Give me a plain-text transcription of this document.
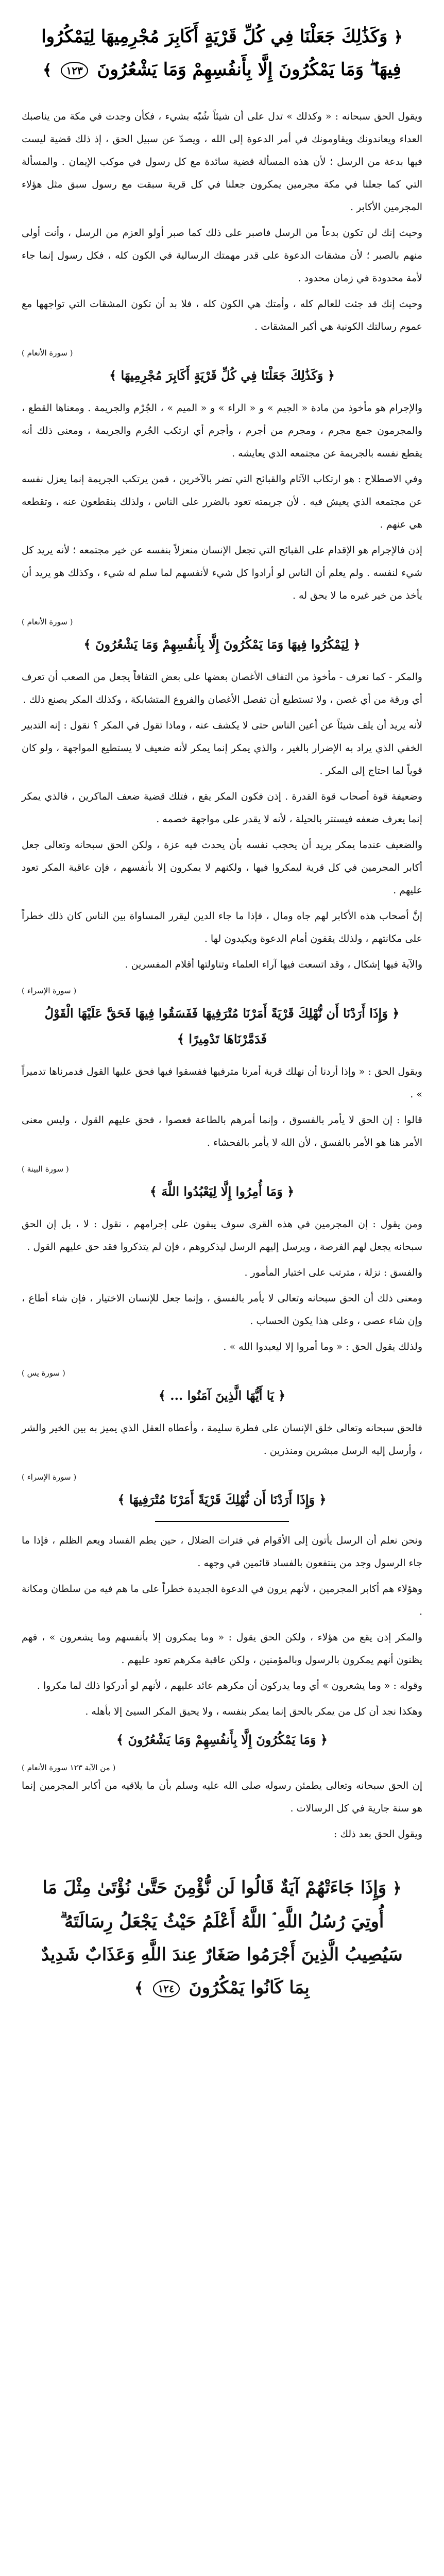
﴿ وَكَذَٰلِكَ جَعَلْنَا فِي كُلِّ قَرْيَةٍ أَكَابِرَ مُجْرِمِيهَا لِيَمْكُرُوا فِيهَا ۖ وَمَا يَمْكُرُونَ إِلَّا بِأَنفُسِهِمْ وَمَا يَشْعُرُونَ ١٢٣ ﴾

ويقول الحق سبحانه : « وكذلك » تدل على أن شيئاً شُبّه بشيء ، فكأن وجدت في مكة من يناصبك العداء ويعاندونك ويقاومونك في أمر الدعوة إلى الله ، ويصدّ عن سبيل الحق ، إذ ذلك قضية ليست فيها بدعة من الرسل ؛ لأن هذه المسألة قضية سائدة مع كل رسول في موكب الإيمان . والمسألة التي كما جعلنا في مكة مجرمين يمكرون جعلنا في كل قرية سبقت مع رسول سبق مثل هؤلاء المجرمين الأكابر .

وحيث إنك لن تكون بدعاً من الرسل فاصبر على ذلك كما صبر أولو العزم من الرسل ، وأنت أولى منهم بالصبر ؛ لأن مشقات الدعوة على قدر مهمتك الرسالية في الكون كله ، فكل رسول إنما جاء لأمة محدودة في زمان محدود .

وحيث إنك قد جئت للعالم كله ، وأمتك هي الكون كله ، فلا بد أن تكون المشقات التي تواجهها مع عموم رسالتك الكونية هي أكبر المشقات .

( سورة الأنعام )
﴿ وَكَذَٰلِكَ جَعَلْنَا فِي كُلِّ قَرْيَةٍ أَكَابِرَ مُجْرِمِيهَا ﴾

والإجرام هو مأخوذ من مادة « الجيم » و « الراء » و « الميم » ، الجُرْم والجريمة . ومعناها القطع ، والمجرمون جمع مجرم ، ومجرم من أجرم ، وأجرم أي ارتكب الجُرم والجريمة ، ومعنى ذلك أنه يقطع نفسه بالجريمة عن مجتمعه الذي يعايشه .

وفي الاصطلاح : هو ارتكاب الآثام والقبائح التي تضر بالآخرين ، فمن يرتكب الجريمة إنما يعزل نفسه عن مجتمعه الذي يعيش فيه . لأن جريمته تعود بالضرر على الناس ، ولذلك ينقطعون عنه ، وتقطعه هي عنهم .

إذن فالإجرام هو الإقدام على القبائح التي تجعل الإنسان منعزلاً بنفسه عن خير مجتمعه ؛ لأنه يريد كل شيء لنفسه . ولم يعلم أن الناس لو أرادوا كل شيء لأنفسهم لما سلم له شيء ، وكذلك هو يريد أن يأخذ من خير غيره ما لا يحق له .

( سورة الأنعام )
﴿ لِيَمْكُرُوا فِيهَا وَمَا يَمْكُرُونَ إِلَّا بِأَنفُسِهِمْ وَمَا يَشْعُرُونَ ﴾

والمكر - كما نعرف - مأخوذ من التفاف الأغصان بعضها على بعض التفافاً يجعل من الصعب أن تعرف أي ورقة من أي غصن ، ولا تستطيع أن تفصل الأغصان والفروع المتشابكة ، وكذلك المكر يصنع ذلك .

لأنه يريد أن يلف شيئاً عن أعين الناس حتى لا يكشف عنه ، وماذا تقول في المكر ؟ نقول : إنه التدبير الخفي الذي يراد به الإضرار بالغير ، والذي يمكر إنما يمكر لأنه ضعيف لا يستطيع المواجهة ، ولو كان قوياً لما احتاج إلى المكر .

وضعيفة قوة أصحاب قوة القدرة . إذن فكون المكر يقع ، فتلك قضية ضعف الماكرين ، فالذي يمكر إنما يعرف ضعفه فيستتر بالحيلة ، لأنه لا يقدر على مواجهة خصمه .

والضعيف عندما يمكر يريد أن يحجب نفسه بأن يحدث فيه عزة ، ولكن الحق سبحانه وتعالى جعل أكابر المجرمين في كل قرية ليمكروا فيها ، ولكنهم لا يمكرون إلا بأنفسهم ، فإن عاقبة المكر تعود عليهم .

إنَّ أصحاب هذه الأكابر لهم جاه ومال ، فإذا ما جاء الدين ليقرر المساواة بين الناس كان ذلك خطراً على مكانتهم ، ولذلك يقفون أمام الدعوة ويكيدون لها .

والآية فيها إشكال ، وقد اتسعت فيها آراء العلماء وتناولتها أقلام المفسرين .

( سورة الإسراء )
﴿ وَإِذَا أَرَدْنَا أَن نُّهْلِكَ قَرْيَةً أَمَرْنَا مُتْرَفِيهَا فَفَسَقُوا فِيهَا فَحَقَّ عَلَيْهَا الْقَوْلُ فَدَمَّرْنَاهَا تَدْمِيرًا ﴾

ويقول الحق : « وإذا أردنا أن نهلك قرية أمرنا مترفيها ففسقوا فيها فحق عليها القول فدمرناها تدميراً » .

قالوا : إن الحق لا يأمر بالفسوق ، وإنما أمرهم بالطاعة فعصوا ، فحق عليهم القول ، وليس معنى الأمر هنا هو الأمر بالفسق ، لأن الله لا يأمر بالفحشاء .

( سورة البينة )
﴿ وَمَا أُمِرُوا إِلَّا لِيَعْبُدُوا اللَّهَ ﴾

ومن يقول : إن المجرمين في هذه القرى سوف يبقون على إجرامهم ، نقول : لا ، بل إن الحق سبحانه يجعل لهم الفرصة ، ويرسل إليهم الرسل ليذكروهم ، فإن لم يتذكروا فقد حق عليهم القول .

والفسق : نزلة ، مترتب على اختيار المأمور .

ومعنى ذلك أن الحق سبحانه وتعالى لا يأمر بالفسق ، وإنما جعل للإنسان الاختيار ، فإن شاء أطاع ، وإن شاء عصى ، وعلى هذا يكون الحساب .

ولذلك يقول الحق : « وما أمروا إلا ليعبدوا الله » .

( سورة يس )
﴿ يَا أَيُّهَا الَّذِينَ آمَنُوا ... ﴾

فالحق سبحانه وتعالى خلق الإنسان على فطرة سليمة ، وأعطاه العقل الذي يميز به بين الخير والشر ، وأرسل إليه الرسل مبشرين ومنذرين .

( سورة الإسراء )
﴿ وَإِذَا أَرَدْنَا أَن نُّهْلِكَ قَرْيَةً أَمَرْنَا مُتْرَفِيهَا ﴾

ونحن نعلم أن الرسل يأتون إلى الأقوام في فترات الضلال ، حين يطم الفساد ويعم الظلم ، فإذا ما جاء الرسول وجد من ينتفعون بالفساد قائمين في وجهه .

وهؤلاء هم أكابر المجرمين ، لأنهم يرون في الدعوة الجديدة خطراً على ما هم فيه من سلطان ومكانة .

والمكر إذن يقع من هؤلاء ، ولكن الحق يقول : « وما يمكرون إلا بأنفسهم وما يشعرون » ، فهم يظنون أنهم يمكرون بالرسول وبالمؤمنين ، ولكن عاقبة مكرهم تعود عليهم .

وقوله : « وما يشعرون » أي وما يدركون أن مكرهم عائد عليهم ، لأنهم لو أدركوا ذلك لما مكروا .

وهكذا نجد أن كل من يمكر بالحق إنما يمكر بنفسه ، ولا يحيق المكر السيئ إلا بأهله .

﴿ وَمَا يَمْكُرُونَ إِلَّا بِأَنفُسِهِمْ وَمَا يَشْعُرُونَ ﴾
( من الآية ١٢٣ سورة الأنعام )

إن الحق سبحانه وتعالى يطمئن رسوله صلى الله عليه وسلم بأن ما يلاقيه من أكابر المجرمين إنما هو سنة جارية في كل الرسالات .

ويقول الحق بعد ذلك :

﴿ وَإِذَا جَاءَتْهُمْ آيَةٌ قَالُوا لَن نُّؤْمِنَ حَتَّىٰ نُؤْتَىٰ مِثْلَ مَا أُوتِيَ رُسُلُ اللَّهِ ۘ اللَّهُ أَعْلَمُ حَيْثُ يَجْعَلُ رِسَالَتَهُ ۗ سَيُصِيبُ الَّذِينَ أَجْرَمُوا صَغَارٌ عِندَ اللَّهِ وَعَذَابٌ شَدِيدٌ بِمَا كَانُوا يَمْكُرُونَ ١٢٤ ﴾
